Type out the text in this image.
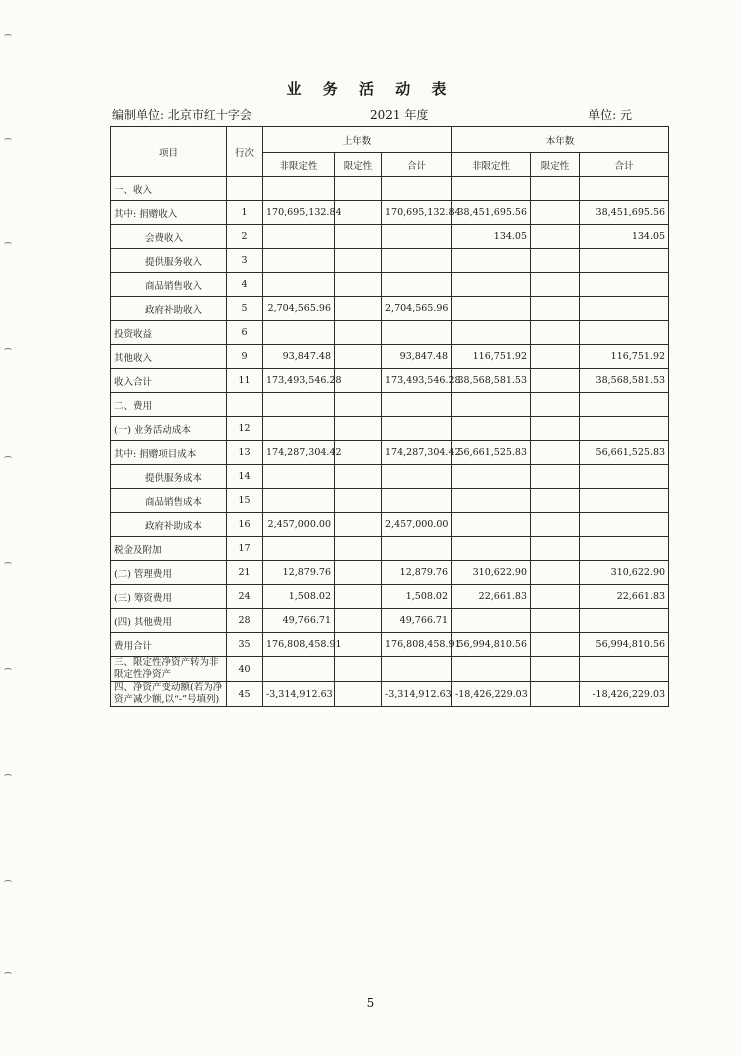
业 务 活 动 表
编制单位: 北京市红十字会	2021 年度	单位: 元
项目	行次	上年数			本年数		
		非限定性	限定性	合计	非限定性	限定性	合计
一、收入							
其中: 捐赠收入	1	170,695,132.84		170,695,132.84	38,451,695.56		38,451,695.56
会费收入	2				134.05		134.05
提供服务收入	3						
商品销售收入	4						
政府补助收入	5	2,704,565.96		2,704,565.96			
投资收益	6						
其他收入	9	93,847.48		93,847.48	116,751.92		116,751.92
收入合计	11	173,493,546.28		173,493,546.28	38,568,581.53		38,568,581.53
二、费用							
(一) 业务活动成本	12						
其中: 捐赠项目成本	13	174,287,304.42		174,287,304.42	56,661,525.83		56,661,525.83
提供服务成本	14						
商品销售成本	15						
政府补助成本	16	2,457,000.00		2,457,000.00			
税金及附加	17						
(二) 管理费用	21	12,879.76		12,879.76	310,622.90		310,622.90
(三) 筹资费用	24	1,508.02		1,508.02	22,661.83		22,661.83
(四) 其他费用	28	49,766.71		49,766.71			
费用合计	35	176,808,458.91		176,808,458.91	56,994,810.56		56,994,810.56
三、限定性净资产转为非限定性净资产	40						
四、净资产变动额(若为净资产减少额,以“-”号填列)	45	-3,314,912.63		-3,314,912.63	-18,426,229.03		-18,426,229.03
5
